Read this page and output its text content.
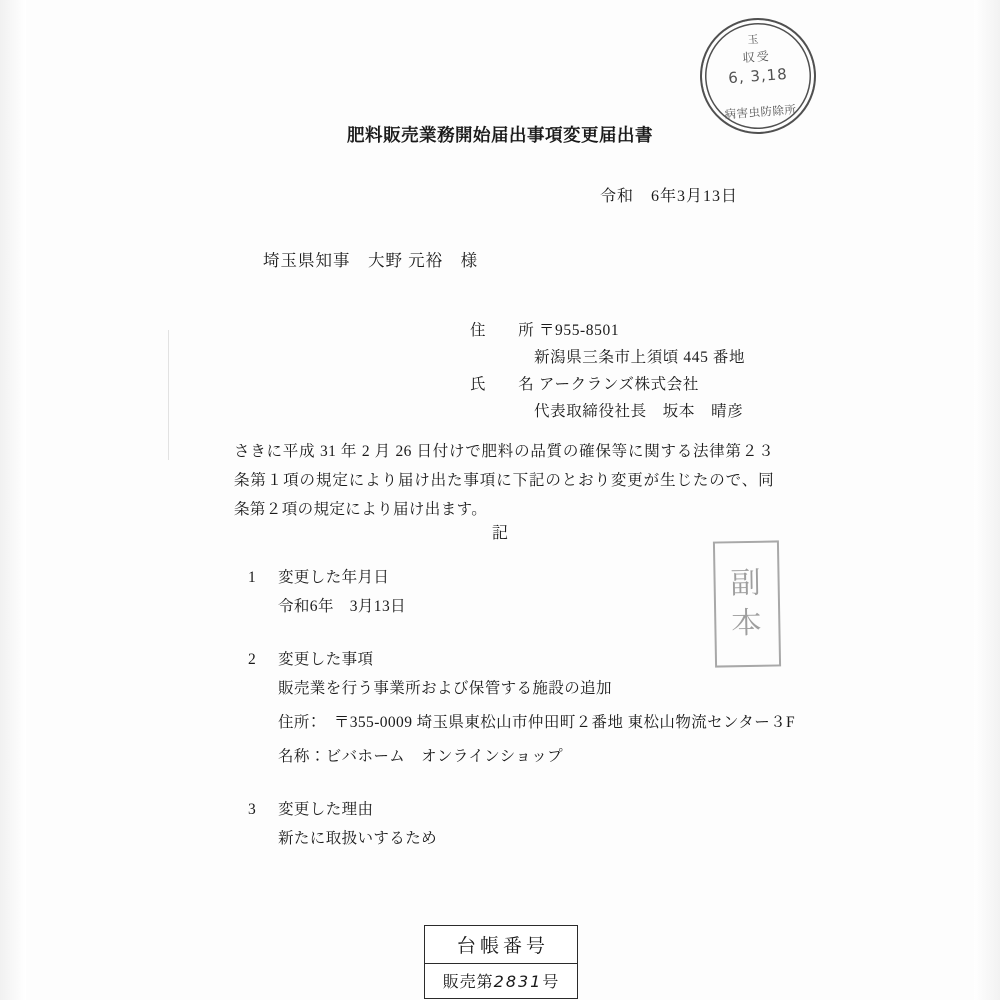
玉
収受
6, 3,18
病害虫防除所
肥料販売業務開始届出事項変更届出書
令和　6年3月13日
埼玉県知事　大野 元裕　様
住　　所 〒955-8501
新潟県三条市上須頃 445 番地
氏　　名 アークランズ株式会社
代表取締役社長　坂本　晴彦
さきに平成 31 年 2 月 26 日付けで肥料の品質の確保等に関する法律第２３条第１項の規定により届け出た事項に下記のとおり変更が生じたので、同条第２項の規定により届け出ます。
記
1 変更した年月日
令和6年　3月13日
2 変更した事項
販売業を行う事業所および保管する施設の追加
住所：　〒355-0009 埼玉県東松山市仲田町２番地 東松山物流センター３F
名称：ビバホーム　オンラインショップ
3 変更した理由
新たに取扱いするため
副
本
台帳番号
販売第2831号
